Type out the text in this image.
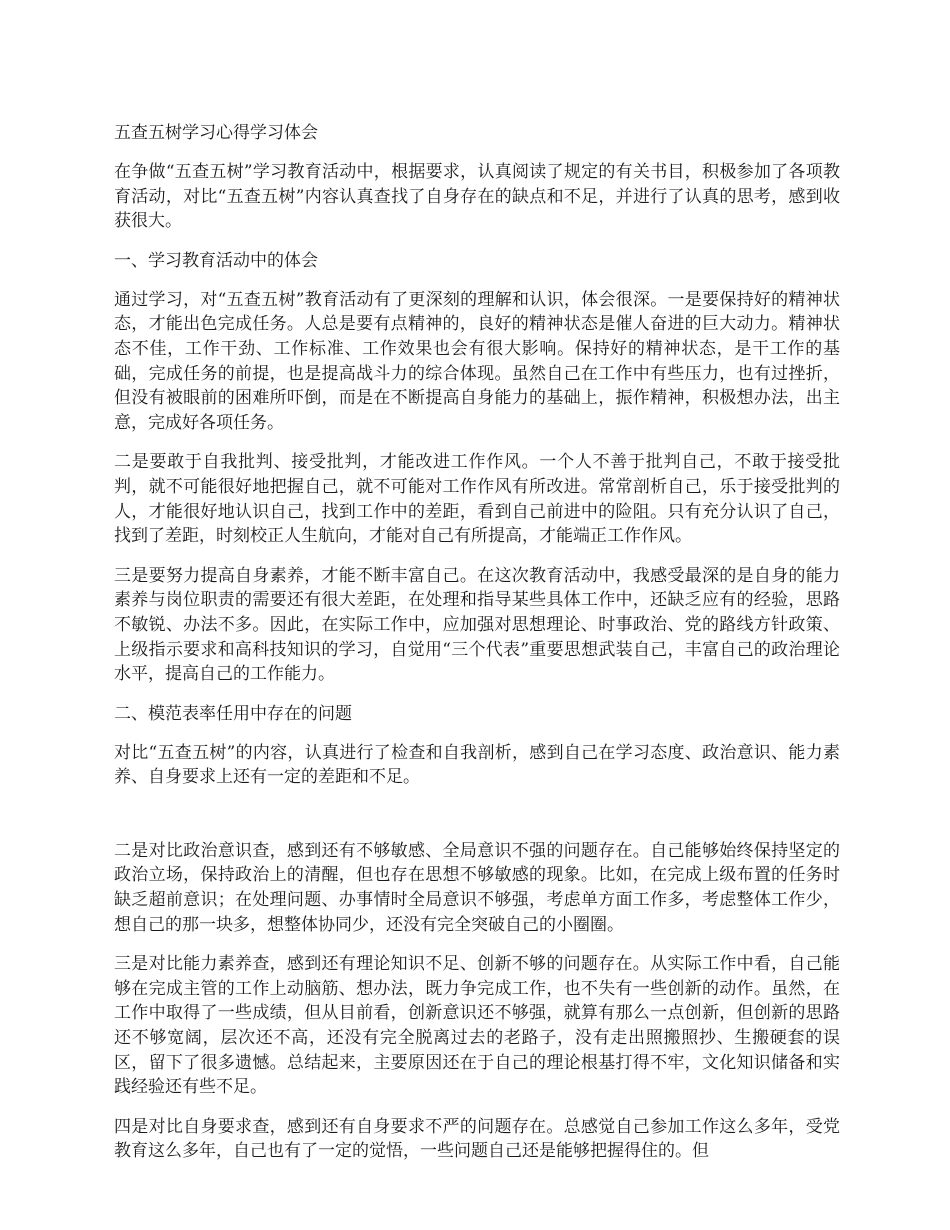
五查五树学习心得学习体会

在争做“五查五树”学习教育活动中，根据要求，认真阅读了规定的有关书目，积极参加了各项教育活动，对比“五查五树”内容认真查找了自身存在的缺点和不足，并进行了认真的思考，感到收获很大。

一、学习教育活动中的体会

通过学习，对“五查五树”教育活动有了更深刻的理解和认识，体会很深。一是要保持好的精神状态，才能出色完成任务。人总是要有点精神的，良好的精神状态是催人奋进的巨大动力。精神状态不佳，工作干劲、工作标准、工作效果也会有很大影响。保持好的精神状态，是干工作的基础，完成任务的前提，也是提高战斗力的综合体现。虽然自己在工作中有些压力，也有过挫折，但没有被眼前的困难所吓倒，而是在不断提高自身能力的基础上，振作精神，积极想办法，出主意，完成好各项任务。

二是要敢于自我批判、接受批判，才能改进工作作风。一个人不善于批判自己，不敢于接受批判，就不可能很好地把握自己，就不可能对工作作风有所改进。常常剖析自己，乐于接受批判的人，才能很好地认识自己，找到工作中的差距，看到自己前进中的险阻。只有充分认识了自己，找到了差距，时刻校正人生航向，才能对自己有所提高，才能端正工作作风。

三是要努力提高自身素养，才能不断丰富自己。在这次教育活动中，我感受最深的是自身的能力素养与岗位职责的需要还有很大差距，在处理和指导某些具体工作中，还缺乏应有的经验，思路不敏锐、办法不多。因此，在实际工作中，应加强对思想理论、时事政治、党的路线方针政策、上级指示要求和高科技知识的学习，自觉用“三个代表”重要思想武装自己，丰富自己的政治理论水平，提高自己的工作能力。

二、模范表率任用中存在的问题

对比“五查五树”的内容，认真进行了检查和自我剖析，感到自己在学习态度、政治意识、能力素养、自身要求上还有一定的差距和不足。

二是对比政治意识查，感到还有不够敏感、全局意识不强的问题存在。自己能够始终保持坚定的政治立场，保持政治上的清醒，但也存在思想不够敏感的现象。比如，在完成上级布置的任务时缺乏超前意识；在处理问题、办事情时全局意识不够强，考虑单方面工作多，考虑整体工作少，想自己的那一块多，想整体协同少，还没有完全突破自己的小圈圈。

三是对比能力素养查，感到还有理论知识不足、创新不够的问题存在。从实际工作中看，自己能够在完成主管的工作上动脑筋、想办法，既力争完成工作，也不失有一些创新的动作。虽然，在工作中取得了一些成绩，但从目前看，创新意识还不够强，就算有那么一点创新，但创新的思路还不够宽阔，层次还不高，还没有完全脱离过去的老路子，没有走出照搬照抄、生搬硬套的误区，留下了很多遗憾。总结起来，主要原因还在于自己的理论根基打得不牢，文化知识储备和实践经验还有些不足。

四是对比自身要求查，感到还有自身要求不严的问题存在。总感觉自己参加工作这么多年，受党教育这么多年，自己也有了一定的觉悟，一些问题自己还是能够把握得住的。但
